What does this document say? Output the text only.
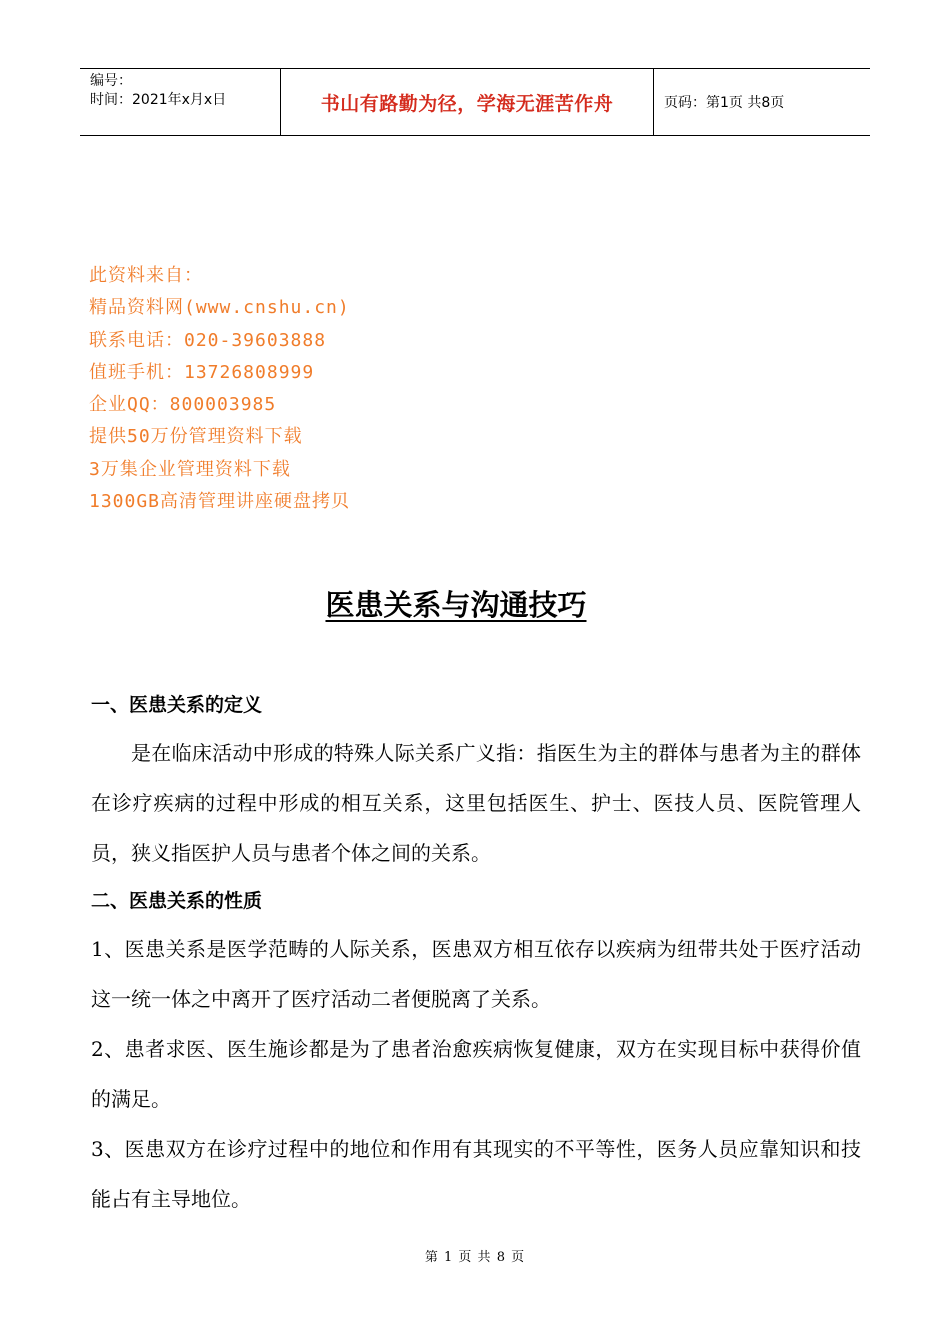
编号：
时间：2021年x月x日	书山有路勤为径，学海无涯苦作舟	页码：第1页 共8页
此资料来自：
精品资料网(www.cnshu.cn)
联系电话：020-39603888
值班手机：13726808999
企业QQ：800003985
提供50万份管理资料下载
3万集企业管理资料下载
1300GB高清管理讲座硬盘拷贝
医患关系与沟通技巧
一、医患关系的定义

是在临床活动中形成的特殊人际关系广义指：指医生为主的群体与患者为主的群体在诊疗疾病的过程中形成的相互关系，这里包括医生、护士、医技人员、医院管理人员，狭义指医护人员与患者个体之间的关系。

二、医患关系的性质

1、医患关系是医学范畴的人际关系，医患双方相互依存以疾病为纽带共处于医疗活动这一统一体之中离开了医疗活动二者便脱离了关系。

2、患者求医、医生施诊都是为了患者治愈疾病恢复健康，双方在实现目标中获得价值的满足。

3、医患双方在诊疗过程中的地位和作用有其现实的不平等性，医务人员应靠知识和技能占有主导地位。

第 1 页 共 8 页
